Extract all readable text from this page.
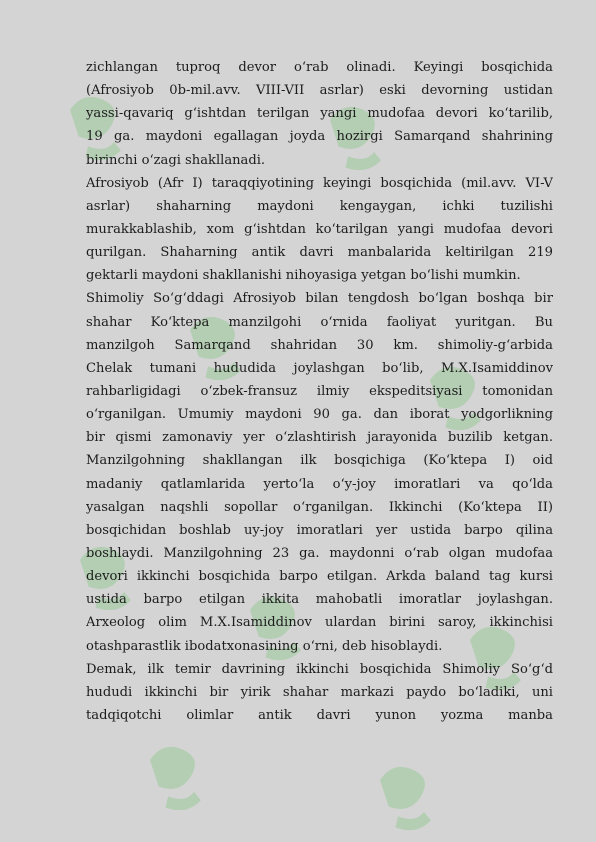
zichlangan tuproq devor o‘rab olinadi. Keyingi bosqichida
(Afrosiyob 0b-mil.avv. VIII-VII asrlar) eski devorning ustidan
yassi-qavariq g‘ishtdan terilgan yangi mudofaa devori ko‘tarilib,
19 ga. maydoni egallagan joyda hozirgi Samarqand shahrining
birinchi o‘zagi shakllanadi.
Afrosiyob (Afr I) taraqqiyotining keyingi bosqichida (mil.avv. VI-V
asrlar) shaharning maydoni kengaygan, ichki tuzilishi
murakkablashib, xom g‘ishtdan ko‘tarilgan yangi mudofaa devori
qurilgan. Shaharning antik davri manbalarida keltirilgan 219
gektarli maydoni shakllanishi nihoyasiga yetgan bo‘lishi mumkin.
Shimoliy So‘g‘ddagi Afrosiyob bilan tengdosh bo‘lgan boshqa bir
shahar Ko‘ktepa manzilgohi o‘rnida faoliyat yuritgan. Bu
manzilgoh Samarqand shahridan 30 km. shimoliy-g‘arbida
Chelak tumani hududida joylashgan bo‘lib, M.X.Isamiddinov
rahbarligidagi o‘zbek-fransuz ilmiy ekspeditsiyasi tomonidan
o‘rganilgan. Umumiy maydoni 90 ga. dan iborat yodgorlikning
bir qismi zamonaviy yer o‘zlashtirish jarayonida buzilib ketgan.
Manzilgohning shakllangan ilk bosqichiga (Ko‘ktepa I) oid
madaniy qatlamlarida yerto‘la o‘y-joy imoratlari va qo‘lda
yasalgan naqshli sopollar o‘rganilgan. Ikkinchi (Ko‘ktepa II)
bosqichidan boshlab uy-joy imoratlari yer ustida barpo qilina
boshlaydi. Manzilgohning 23 ga. maydonni o‘rab olgan mudofaa
devori ikkinchi bosqichida barpo etilgan. Arkda baland tag kursi
ustida barpo etilgan ikkita mahobatli imoratlar joylashgan.
Arxeolog olim M.X.Isamiddinov ulardan birini saroy, ikkinchisi
otashparastlik ibodatxonasining o‘rni, deb hisoblaydi.
Demak, ilk temir davrining ikkinchi bosqichida Shimoliy So‘g‘d
hududi ikkinchi bir yirik shahar markazi paydo bo‘ladiki, uni
tadqiqotchi olimlar antik davri yunon yozma manba
